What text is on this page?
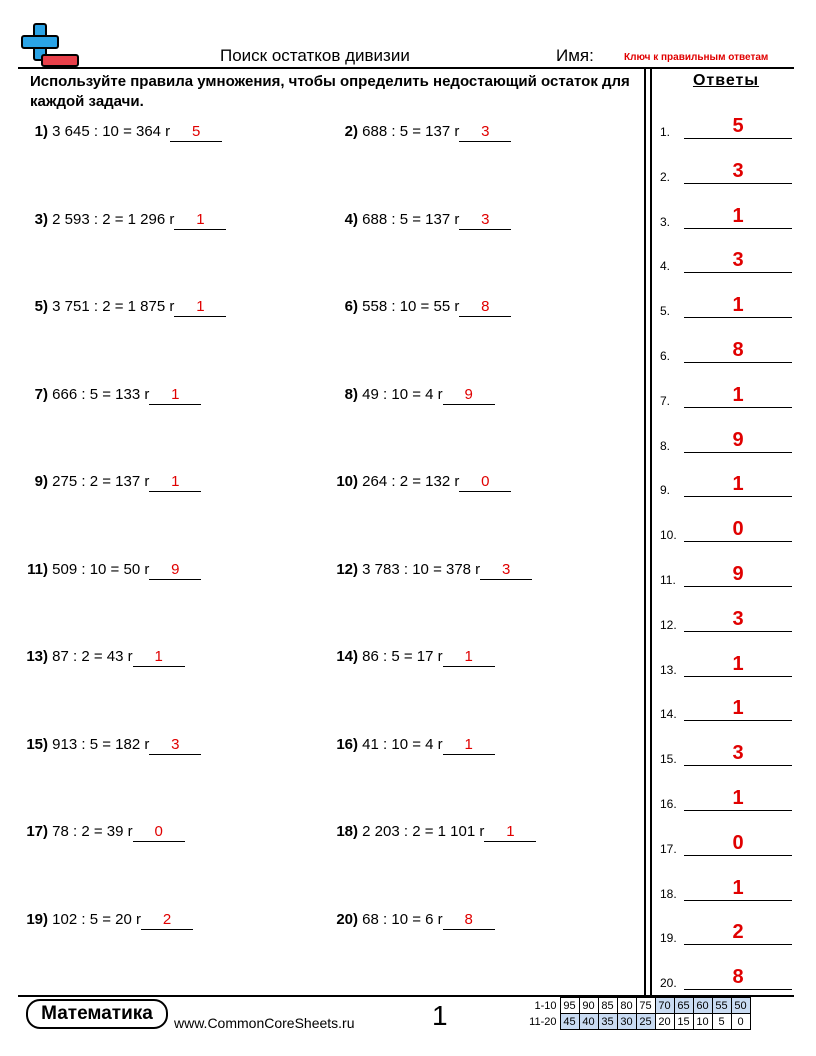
Поиск остатков дивизии	Имя:	Ключ к правильным ответам
Используйте правила умножения, чтобы определить недостающий остаток для каждой задачи.
1) 3 645 : 10 = 364 r 5	2) 688 : 5 = 137 r 3
3) 2 593 : 2 = 1 296 r 1	4) 688 : 5 = 137 r 3
5) 3 751 : 2 = 1 875 r 1	6) 558 : 10 = 55 r 8
7) 666 : 5 = 133 r 1	8) 49 : 10 = 4 r 9
9) 275 : 2 = 137 r 1	10) 264 : 2 = 132 r 0
11) 509 : 10 = 50 r 9	12) 3 783 : 10 = 378 r 3
13) 87 : 2 = 43 r 1	14) 86 : 5 = 17 r 1
15) 913 : 5 = 182 r 3	16) 41 : 10 = 4 r 1
17) 78 : 2 = 39 r 0	18) 2 203 : 2 = 1 101 r 1
19) 102 : 5 = 20 r 2	20) 68 : 10 = 6 r 8
Ответы
1.	5
2.	3
3.	1
4.	3
5.	1
6.	8
7.	1
8.	9
9.	1
10.	0
11.	9
12.	3
13.	1
14.	1
15.	3
16.	1
17.	0
18.	1
19.	2
20.	8
Математика	www.CommonCoreSheets.ru	1	1-10	95	90	85	80	75	70	65	60	55	50
11-20	45	40	35	30	25	20	15	10	5	0
